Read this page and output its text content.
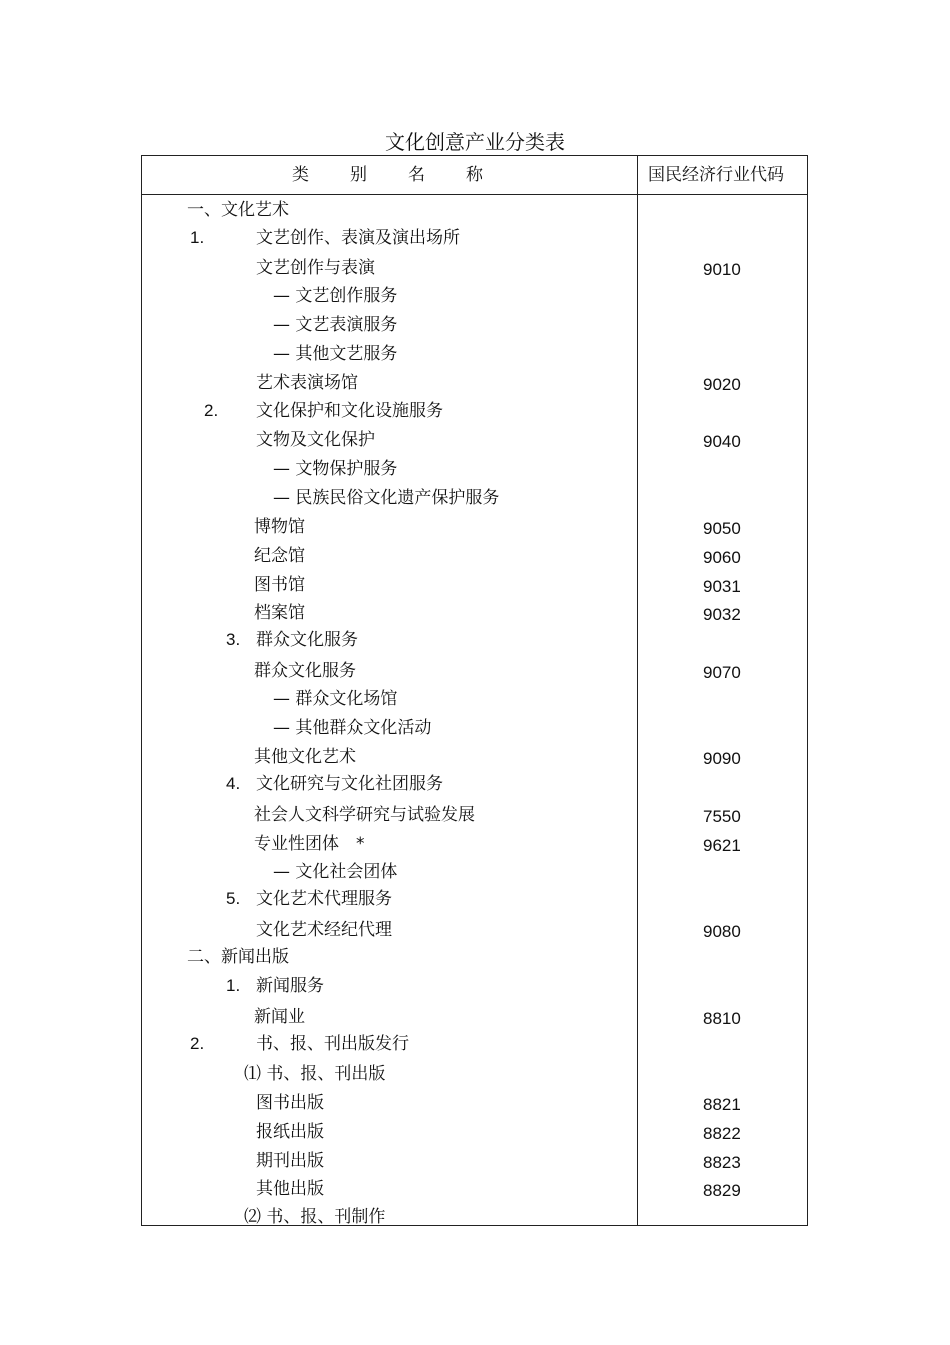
文化创意产业分类表
类 别 名 称	国民经济行业代码
一、文化艺术
1.	文艺创作、表演及演出场所
文艺创作与表演	9010
— 文艺创作服务
— 文艺表演服务
— 其他文艺服务
艺术表演场馆	9020
2. 文化保护和文化设施服务
文物及文化保护	9040
— 文物保护服务
— 民族民俗文化遗产保护服务
博物馆	9050
纪念馆	9060
图书馆	9031
档案馆	9032
3. 群众文化服务
群众文化服务	9070
— 群众文化场馆
— 其他群众文化活动
其他文化艺术	9090
4. 文化研究与文化社团服务
社会人文科学研究与试验发展	7550
专业性团体　*	9621
— 文化社会团体
5. 文化艺术代理服务
文化艺术经纪代理	9080
二、新闻出版
1. 新闻服务
新闻业	8810
2.	书、报、刊出版发行
⑴ 书、报、刊出版
图书出版	8821
报纸出版	8822
期刊出版	8823
其他出版	8829
⑵ 书、报、刊制作
